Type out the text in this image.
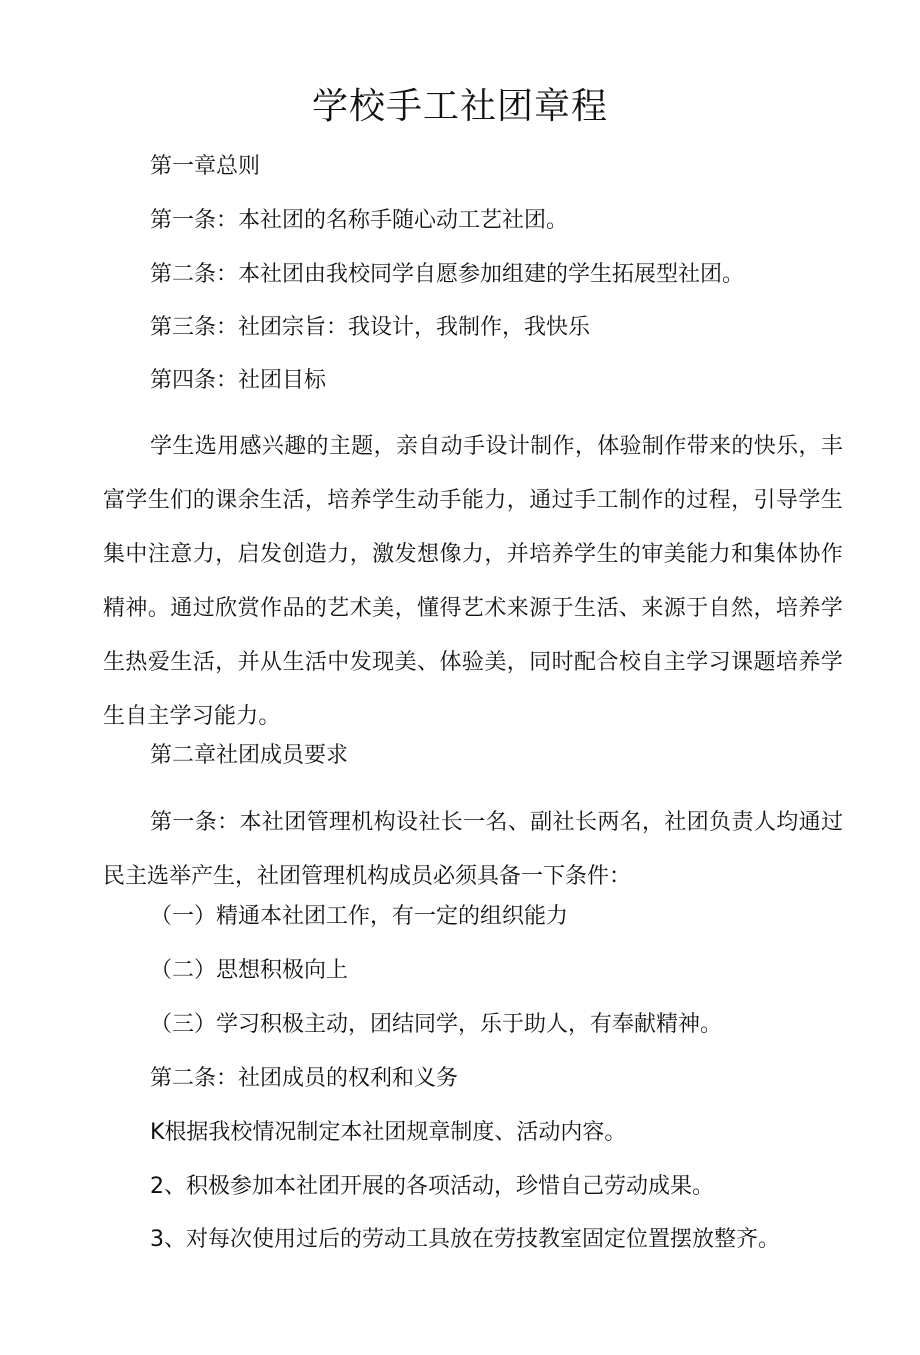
学校手工社团章程

第一章总则

第一条：本社团的名称手随心动工艺社团。

第二条：本社团由我校同学自愿参加组建的学生拓展型社团。

第三条：社团宗旨：我设计，我制作，我快乐

第四条：社团目标

学生选用感兴趣的主题，亲自动手设计制作，体验制作带来的快乐，丰富学生们的课余生活，培养学生动手能力，通过手工制作的过程，引导学生集中注意力，启发创造力，激发想像力，并培养学生的审美能力和集体协作精神。通过欣赏作品的艺术美，懂得艺术来源于生活、来源于自然，培养学生热爱生活，并从生活中发现美、体验美，同时配合校自主学习课题培养学生自主学习能力。

第二章社团成员要求

第一条：本社团管理机构设社长一名、副社长两名，社团负责人均通过民主选举产生，社团管理机构成员必须具备一下条件：

（一）精通本社团工作，有一定的组织能力

（二）思想积极向上

（三）学习积极主动，团结同学，乐于助人，有奉献精神。

第二条：社团成员的权利和义务

K根据我校情况制定本社团规章制度、活动内容。

2、积极参加本社团开展的各项活动，珍惜自己劳动成果。

3、对每次使用过后的劳动工具放在劳技教室固定位置摆放整齐。
